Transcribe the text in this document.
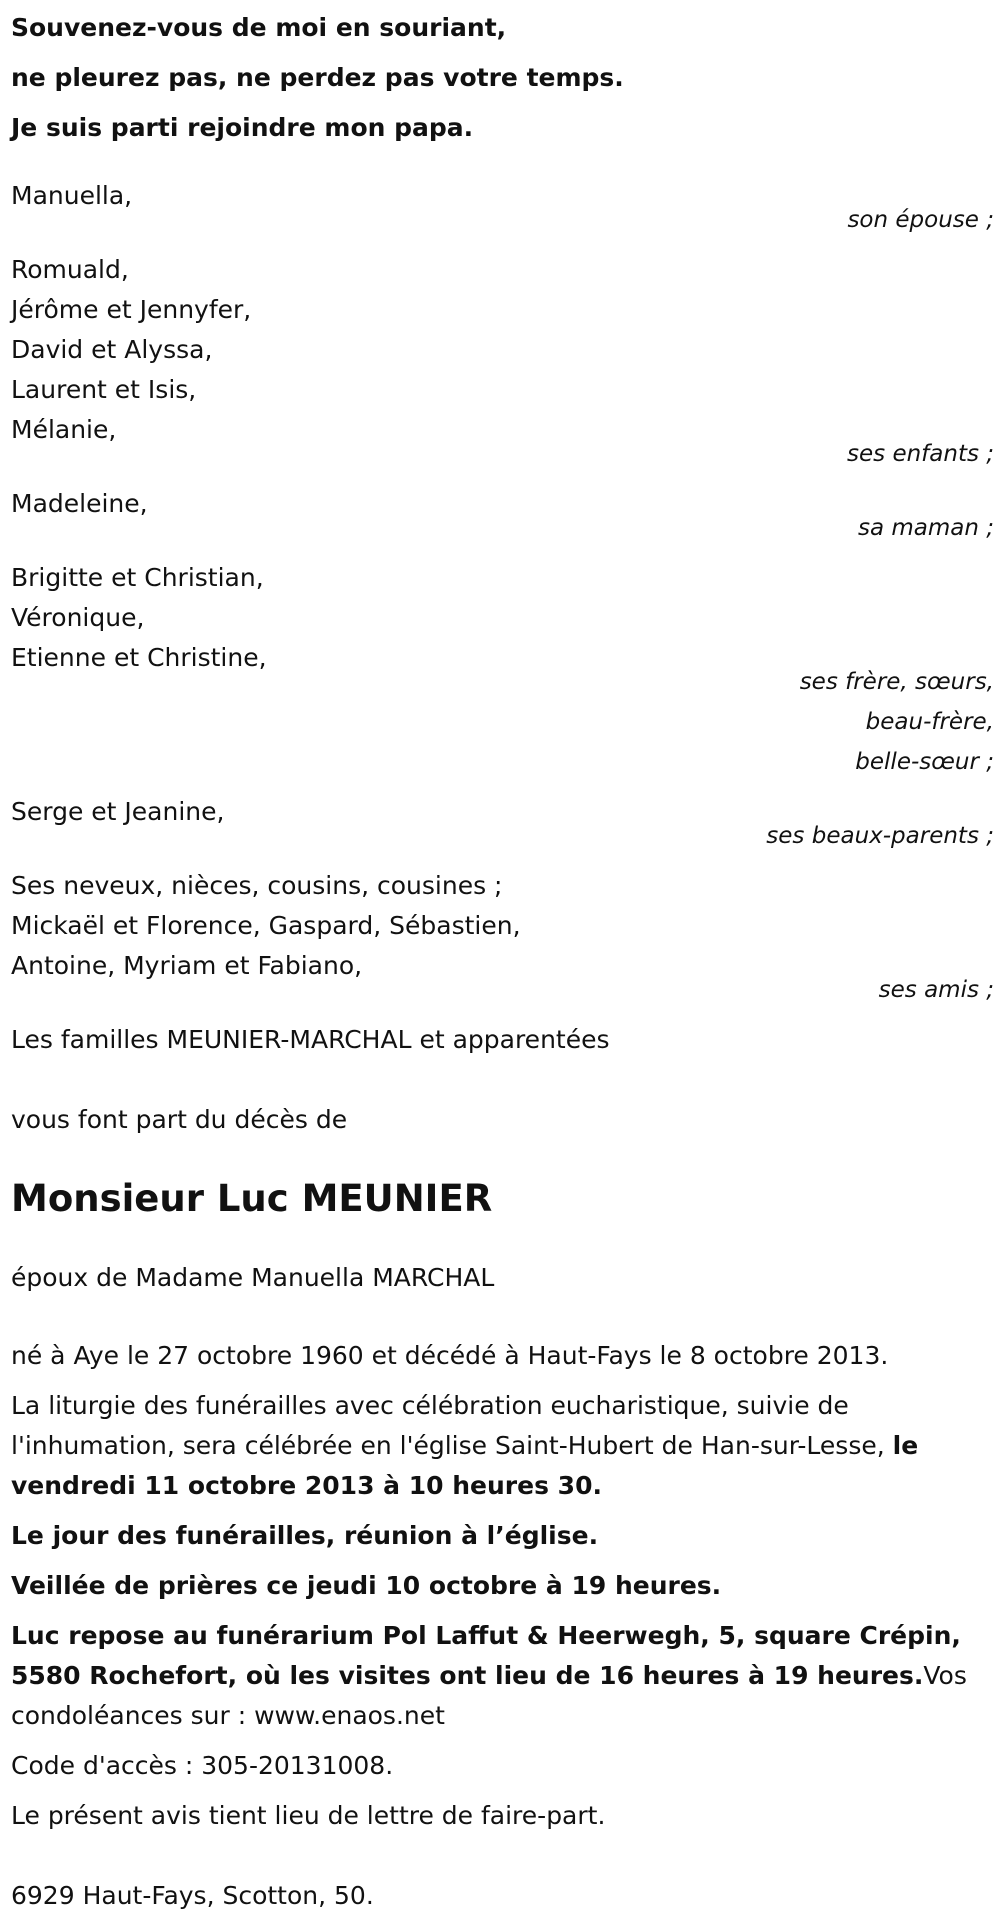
Souvenez-vous de moi en souriant,
ne pleurez pas, ne perdez pas votre temps.
Je suis parti rejoindre mon papa.
Manuella,
son épouse ;
Romuald,
Jérôme et Jennyfer,
David et Alyssa,
Laurent et Isis,
Mélanie,
ses enfants ;
Madeleine,
sa maman ;
Brigitte et Christian,
Véronique,
Etienne et Christine,
ses frère, sœurs,
beau-frère,
belle-sœur ;
Serge et Jeanine,
ses beaux-parents ;
Ses neveux, nièces, cousins, cousines ;
Mickaël et Florence, Gaspard, Sébastien,
Antoine, Myriam et Fabiano,
ses amis ;
Les familles MEUNIER-MARCHAL et apparentées
vous font part du décès de
Monsieur Luc MEUNIER
époux de Madame Manuella MARCHAL
né à Aye le 27 octobre 1960 et décédé à Haut-Fays le 8 octobre 2013.
La liturgie des funérailles avec célébration eucharistique, suivie de l'inhumation, sera célébrée en l'église Saint-Hubert de Han-sur-Lesse, le vendredi 11 octobre 2013 à 10 heures 30.
Le jour des funérailles, réunion à l’église.
Veillée de prières ce jeudi 10 octobre à 19 heures.
Luc repose au funérarium Pol Laffut & Heerwegh, 5, square Crépin, 5580 Rochefort, où les visites ont lieu de 16 heures à 19 heures.Vos condoléances sur : www.enaos.net
Code d'accès : 305-20131008.
Le présent avis tient lieu de lettre de faire-part.
6929 Haut-Fays, Scotton, 50.
